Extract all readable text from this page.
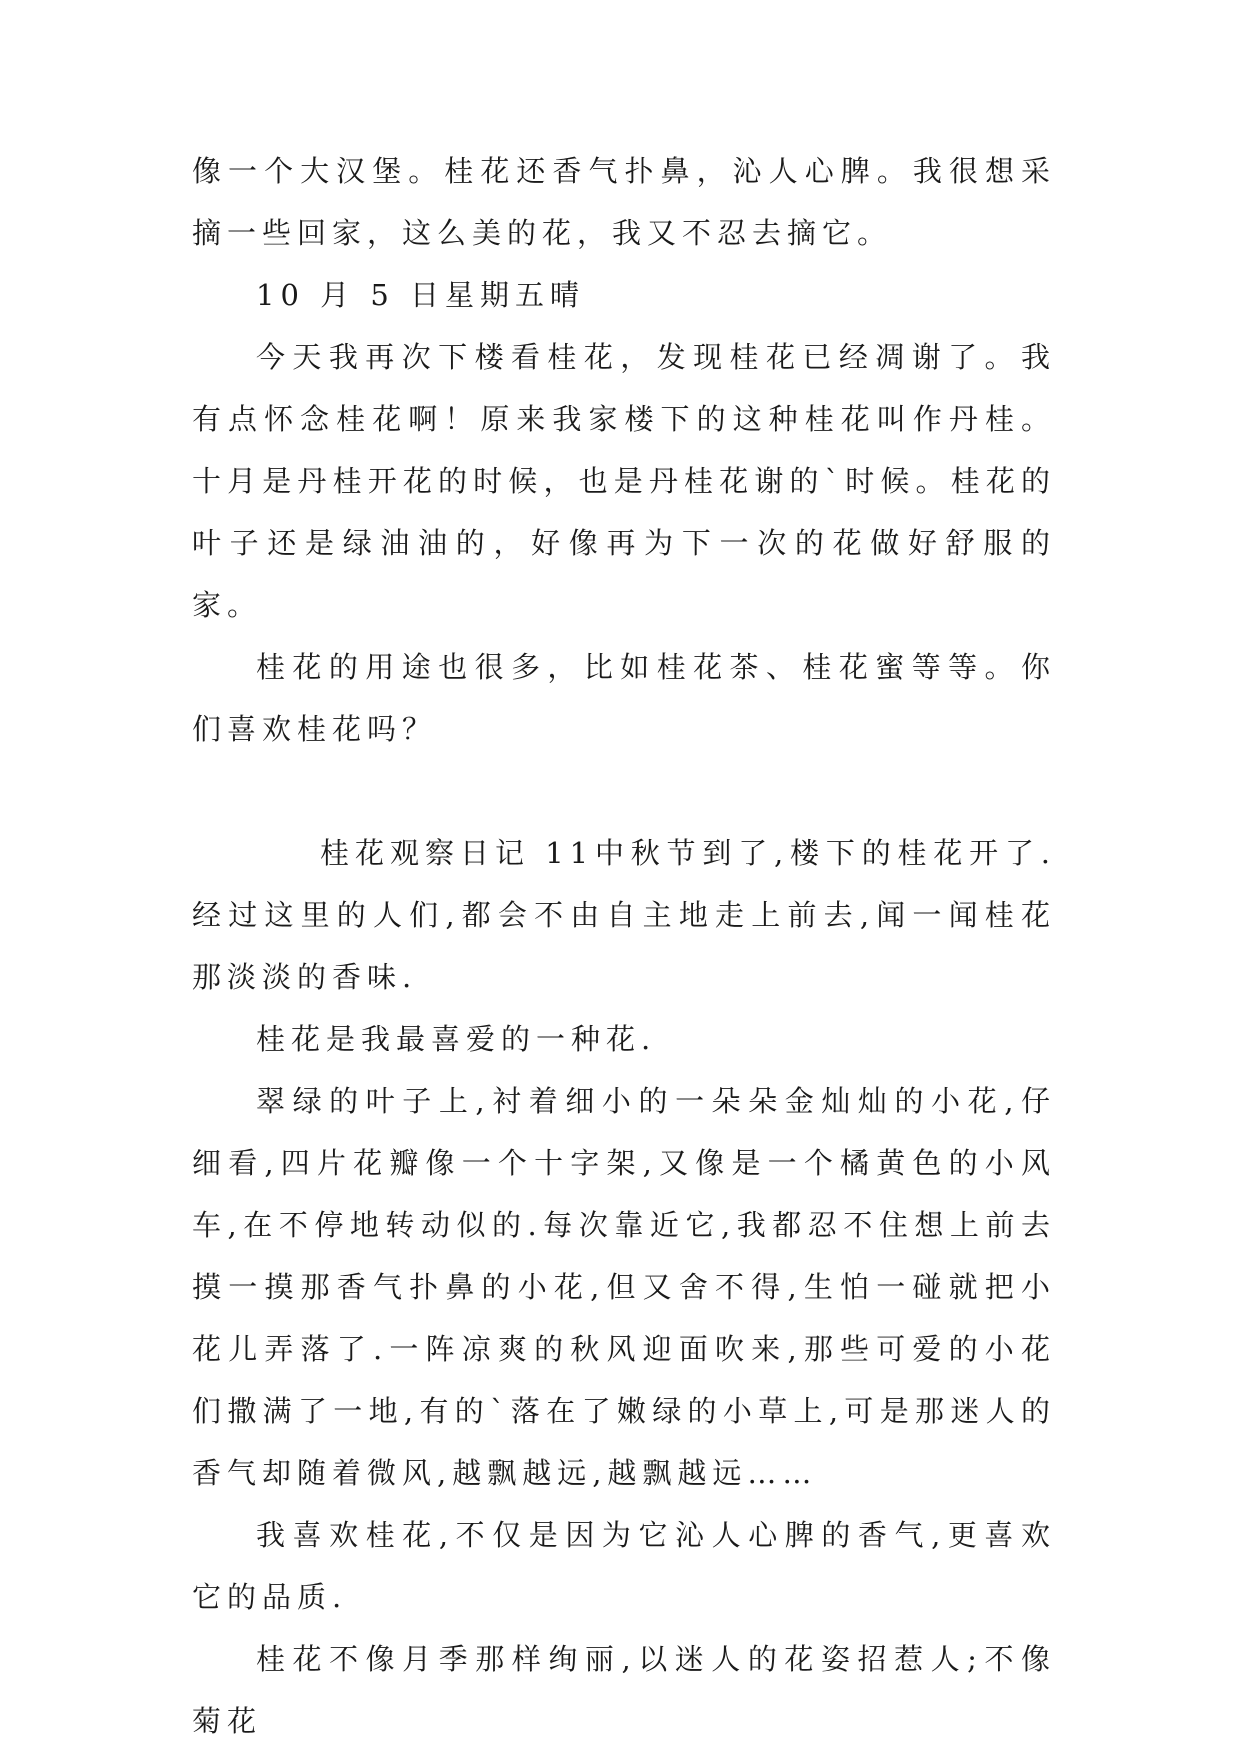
像一个大汉堡。桂花还香气扑鼻，沁人心脾。我很想采摘一些回家，这么美的花，我又不忍去摘它。

10 月 5 日星期五晴

今天我再次下楼看桂花，发现桂花已经凋谢了。我有点怀念桂花啊！原来我家楼下的这种桂花叫作丹桂。十月是丹桂开花的时候，也是丹桂花谢的`时候。桂花的叶子还是绿油油的，好像再为下一次的花做好舒服的家。

桂花的用途也很多，比如桂花茶、桂花蜜等等。你们喜欢桂花吗？

桂花观察日记 11中秋节到了,楼下的桂花开了.经过这里的人们,都会不由自主地走上前去,闻一闻桂花那淡淡的香味.

桂花是我最喜爱的一种花.

翠绿的叶子上,衬着细小的一朵朵金灿灿的小花,仔细看,四片花瓣像一个十字架,又像是一个橘黄色的小风车,在不停地转动似的.每次靠近它,我都忍不住想上前去摸一摸那香气扑鼻的小花,但又舍不得,生怕一碰就把小花儿弄落了.一阵凉爽的秋风迎面吹来,那些可爱的小花们撒满了一地,有的`落在了嫩绿的小草上,可是那迷人的香气却随着微风,越飘越远,越飘越远……

我喜欢桂花,不仅是因为它沁人心脾的香气,更喜欢它的品质.

桂花不像月季那样绚丽,以迷人的花姿招惹人;不像菊花
